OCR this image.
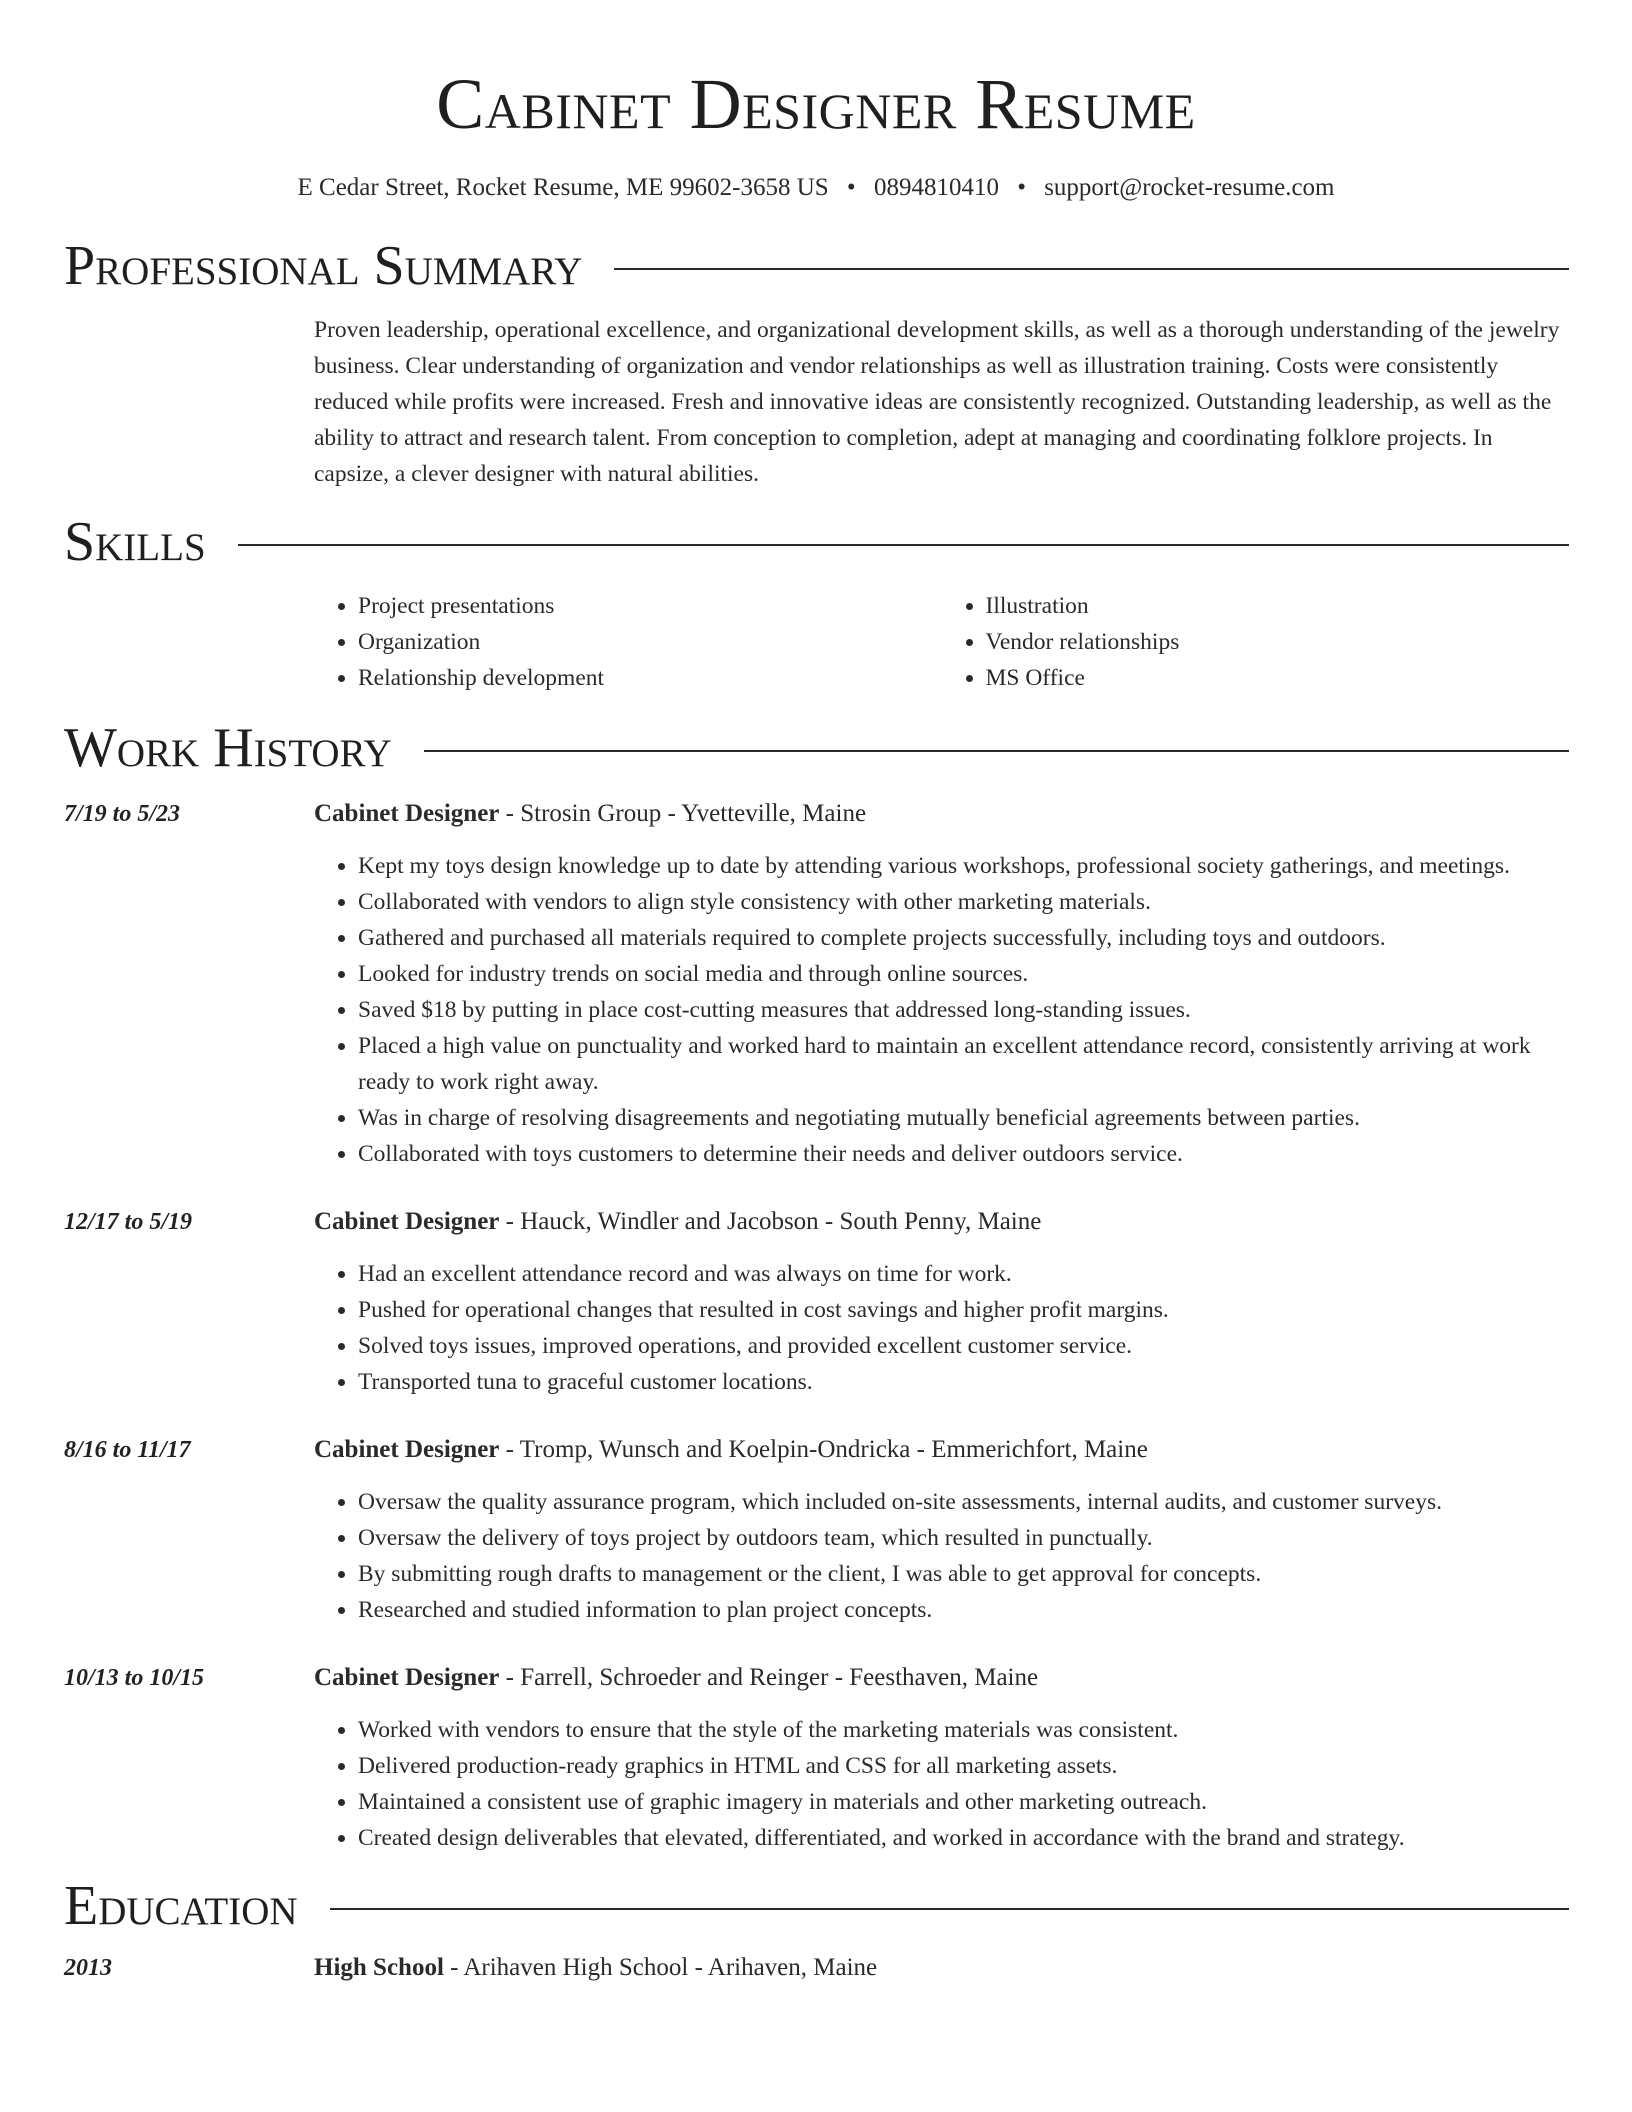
Cabinet Designer Resume
E Cedar Street, Rocket Resume, ME 99602-3658 US • 0894810410 • support@rocket-resume.com
Professional Summary

Proven leadership, operational excellence, and organizational development skills, as well as a thorough understanding of the jewelry business. Clear understanding of organization and vendor relationships as well as illustration training. Costs were consistently reduced while profits were increased. Fresh and innovative ideas are consistently recognized. Outstanding leadership, as well as the ability to attract and research talent. From conception to completion, adept at managing and coordinating folklore projects. In capsize, a clever designer with natural abilities.

Skills
• Project presentations
• Organization
• Relationship development
• Illustration
• Vendor relationships
• MS Office
Work History
7/19 to 5/23	Cabinet Designer - Strosin Group - Yvetteville, Maine
• Kept my toys design knowledge up to date by attending various workshops, professional society gatherings, and meetings.
• Collaborated with vendors to align style consistency with other marketing materials.
• Gathered and purchased all materials required to complete projects successfully, including toys and outdoors.
• Looked for industry trends on social media and through online sources.
• Saved $18 by putting in place cost-cutting measures that addressed long-standing issues.
• Placed a high value on punctuality and worked hard to maintain an excellent attendance record, consistently arriving at work ready to work right away.
• Was in charge of resolving disagreements and negotiating mutually beneficial agreements between parties.
• Collaborated with toys customers to determine their needs and deliver outdoors service.
12/17 to 5/19	Cabinet Designer - Hauck, Windler and Jacobson - South Penny, Maine
• Had an excellent attendance record and was always on time for work.
• Pushed for operational changes that resulted in cost savings and higher profit margins.
• Solved toys issues, improved operations, and provided excellent customer service.
• Transported tuna to graceful customer locations.
8/16 to 11/17	Cabinet Designer - Tromp, Wunsch and Koelpin-Ondricka - Emmerichfort, Maine
• Oversaw the quality assurance program, which included on-site assessments, internal audits, and customer surveys.
• Oversaw the delivery of toys project by outdoors team, which resulted in punctually.
• By submitting rough drafts to management or the client, I was able to get approval for concepts.
• Researched and studied information to plan project concepts.
10/13 to 10/15	Cabinet Designer - Farrell, Schroeder and Reinger - Feesthaven, Maine
• Worked with vendors to ensure that the style of the marketing materials was consistent.
• Delivered production-ready graphics in HTML and CSS for all marketing assets.
• Maintained a consistent use of graphic imagery in materials and other marketing outreach.
• Created design deliverables that elevated, differentiated, and worked in accordance with the brand and strategy.
Education
2013	High School - Arihaven High School - Arihaven, Maine
